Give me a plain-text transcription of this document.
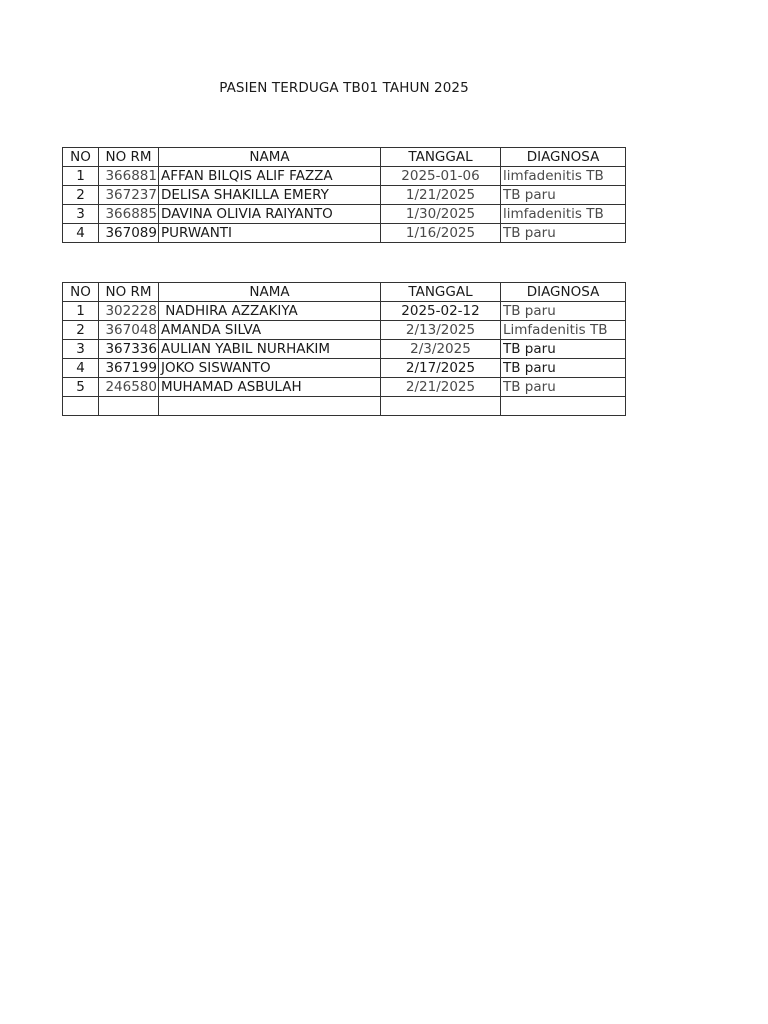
PASIEN TERDUGA TB01 TAHUN 2025
NO	NO RM	NAMA	TANGGAL	DIAGNOSA
1	366881	AFFAN BILQIS ALIF FAZZA	2025-01-06	limfadenitis TB
2	367237	DELISA SHAKILLA EMERY	1/21/2025	TB paru
3	366885	DAVINA OLIVIA RAIYANTO	1/30/2025	limfadenitis TB
4	367089	PURWANTI	1/16/2025	TB paru
NO	NO RM	NAMA	TANGGAL	DIAGNOSA
1	302228	NADHIRA AZZAKIYA	2025-02-12	TB paru
2	367048	AMANDA SILVA	2/13/2025	Limfadenitis TB
3	367336	AULIAN YABIL NURHAKIM	2/3/2025	TB paru
4	367199	JOKO SISWANTO	2/17/2025	TB paru
5	246580	MUHAMAD ASBULAH	2/21/2025	TB paru
